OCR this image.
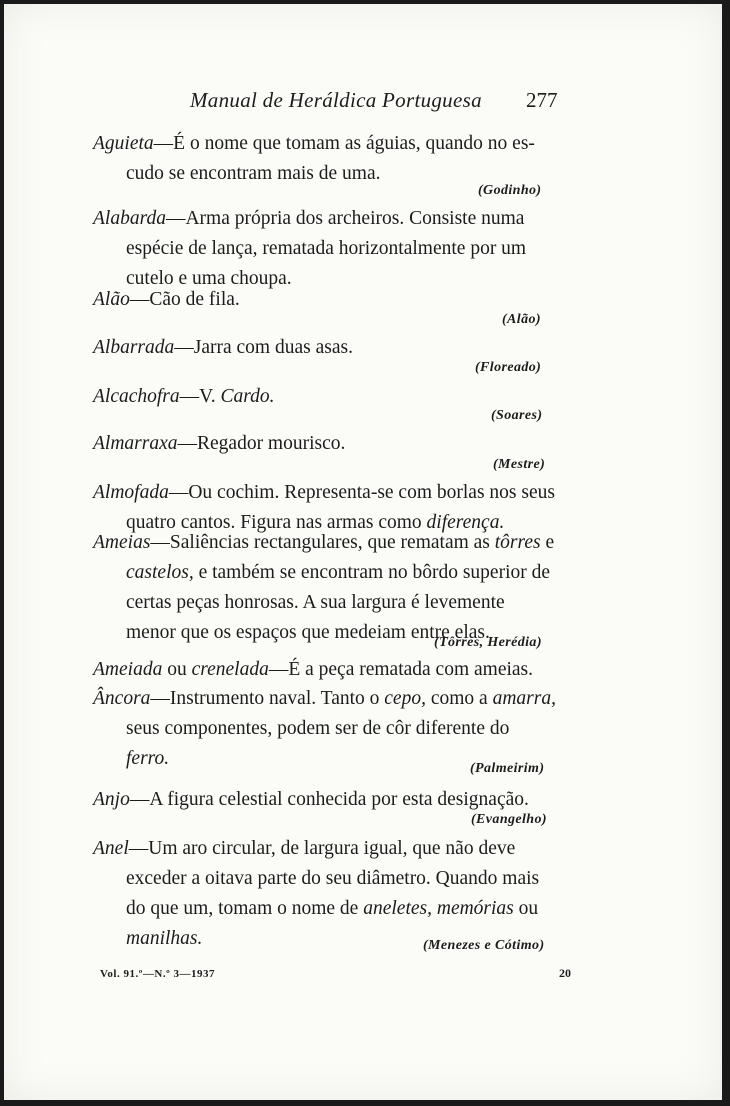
Manual de Heráldica Portuguesa 277
Aguieta—É o nome que tomam as águias, quando no es-
cudo se encontram mais de uma.
(Godinho)
Alabarda—Arma própria dos archeiros. Consiste numa
espécie de lança, rematada horizontalmente por um
cutelo e uma choupa.
Alão—Cão de fila.
(Alão)
Albarrada—Jarra com duas asas.
(Floreado)
Alcachofra—V. Cardo.
(Soares)
Almarraxa—Regador mourisco.
(Mestre)
Almofada—Ou cochim. Representa-se com borlas nos seus
quatro cantos. Figura nas armas como diferença.
Ameias—Saliências rectangulares, que rematam as tôrres e
castelos, e também se encontram no bôrdo superior de
certas peças honrosas. A sua largura é levemente
menor que os espaços que medeiam entre elas.
(Tôrres, Herédia)
Ameiada ou crenelada—É a peça rematada com ameias.
Âncora—Instrumento naval. Tanto o cepo, como a amarra,
seus componentes, podem ser de côr diferente do
ferro.	(Palmeirim)
Anjo—A figura celestial conhecida por esta designação.
(Evangelho)
Anel—Um aro circular, de largura igual, que não deve
exceder a oitava parte do seu diâmetro. Quando mais
do que um, tomam o nome de aneletes, memórias ou
manilhas.	(Menezes e Cótimo)
Vol. 91.º—N.º 3—1937	20
